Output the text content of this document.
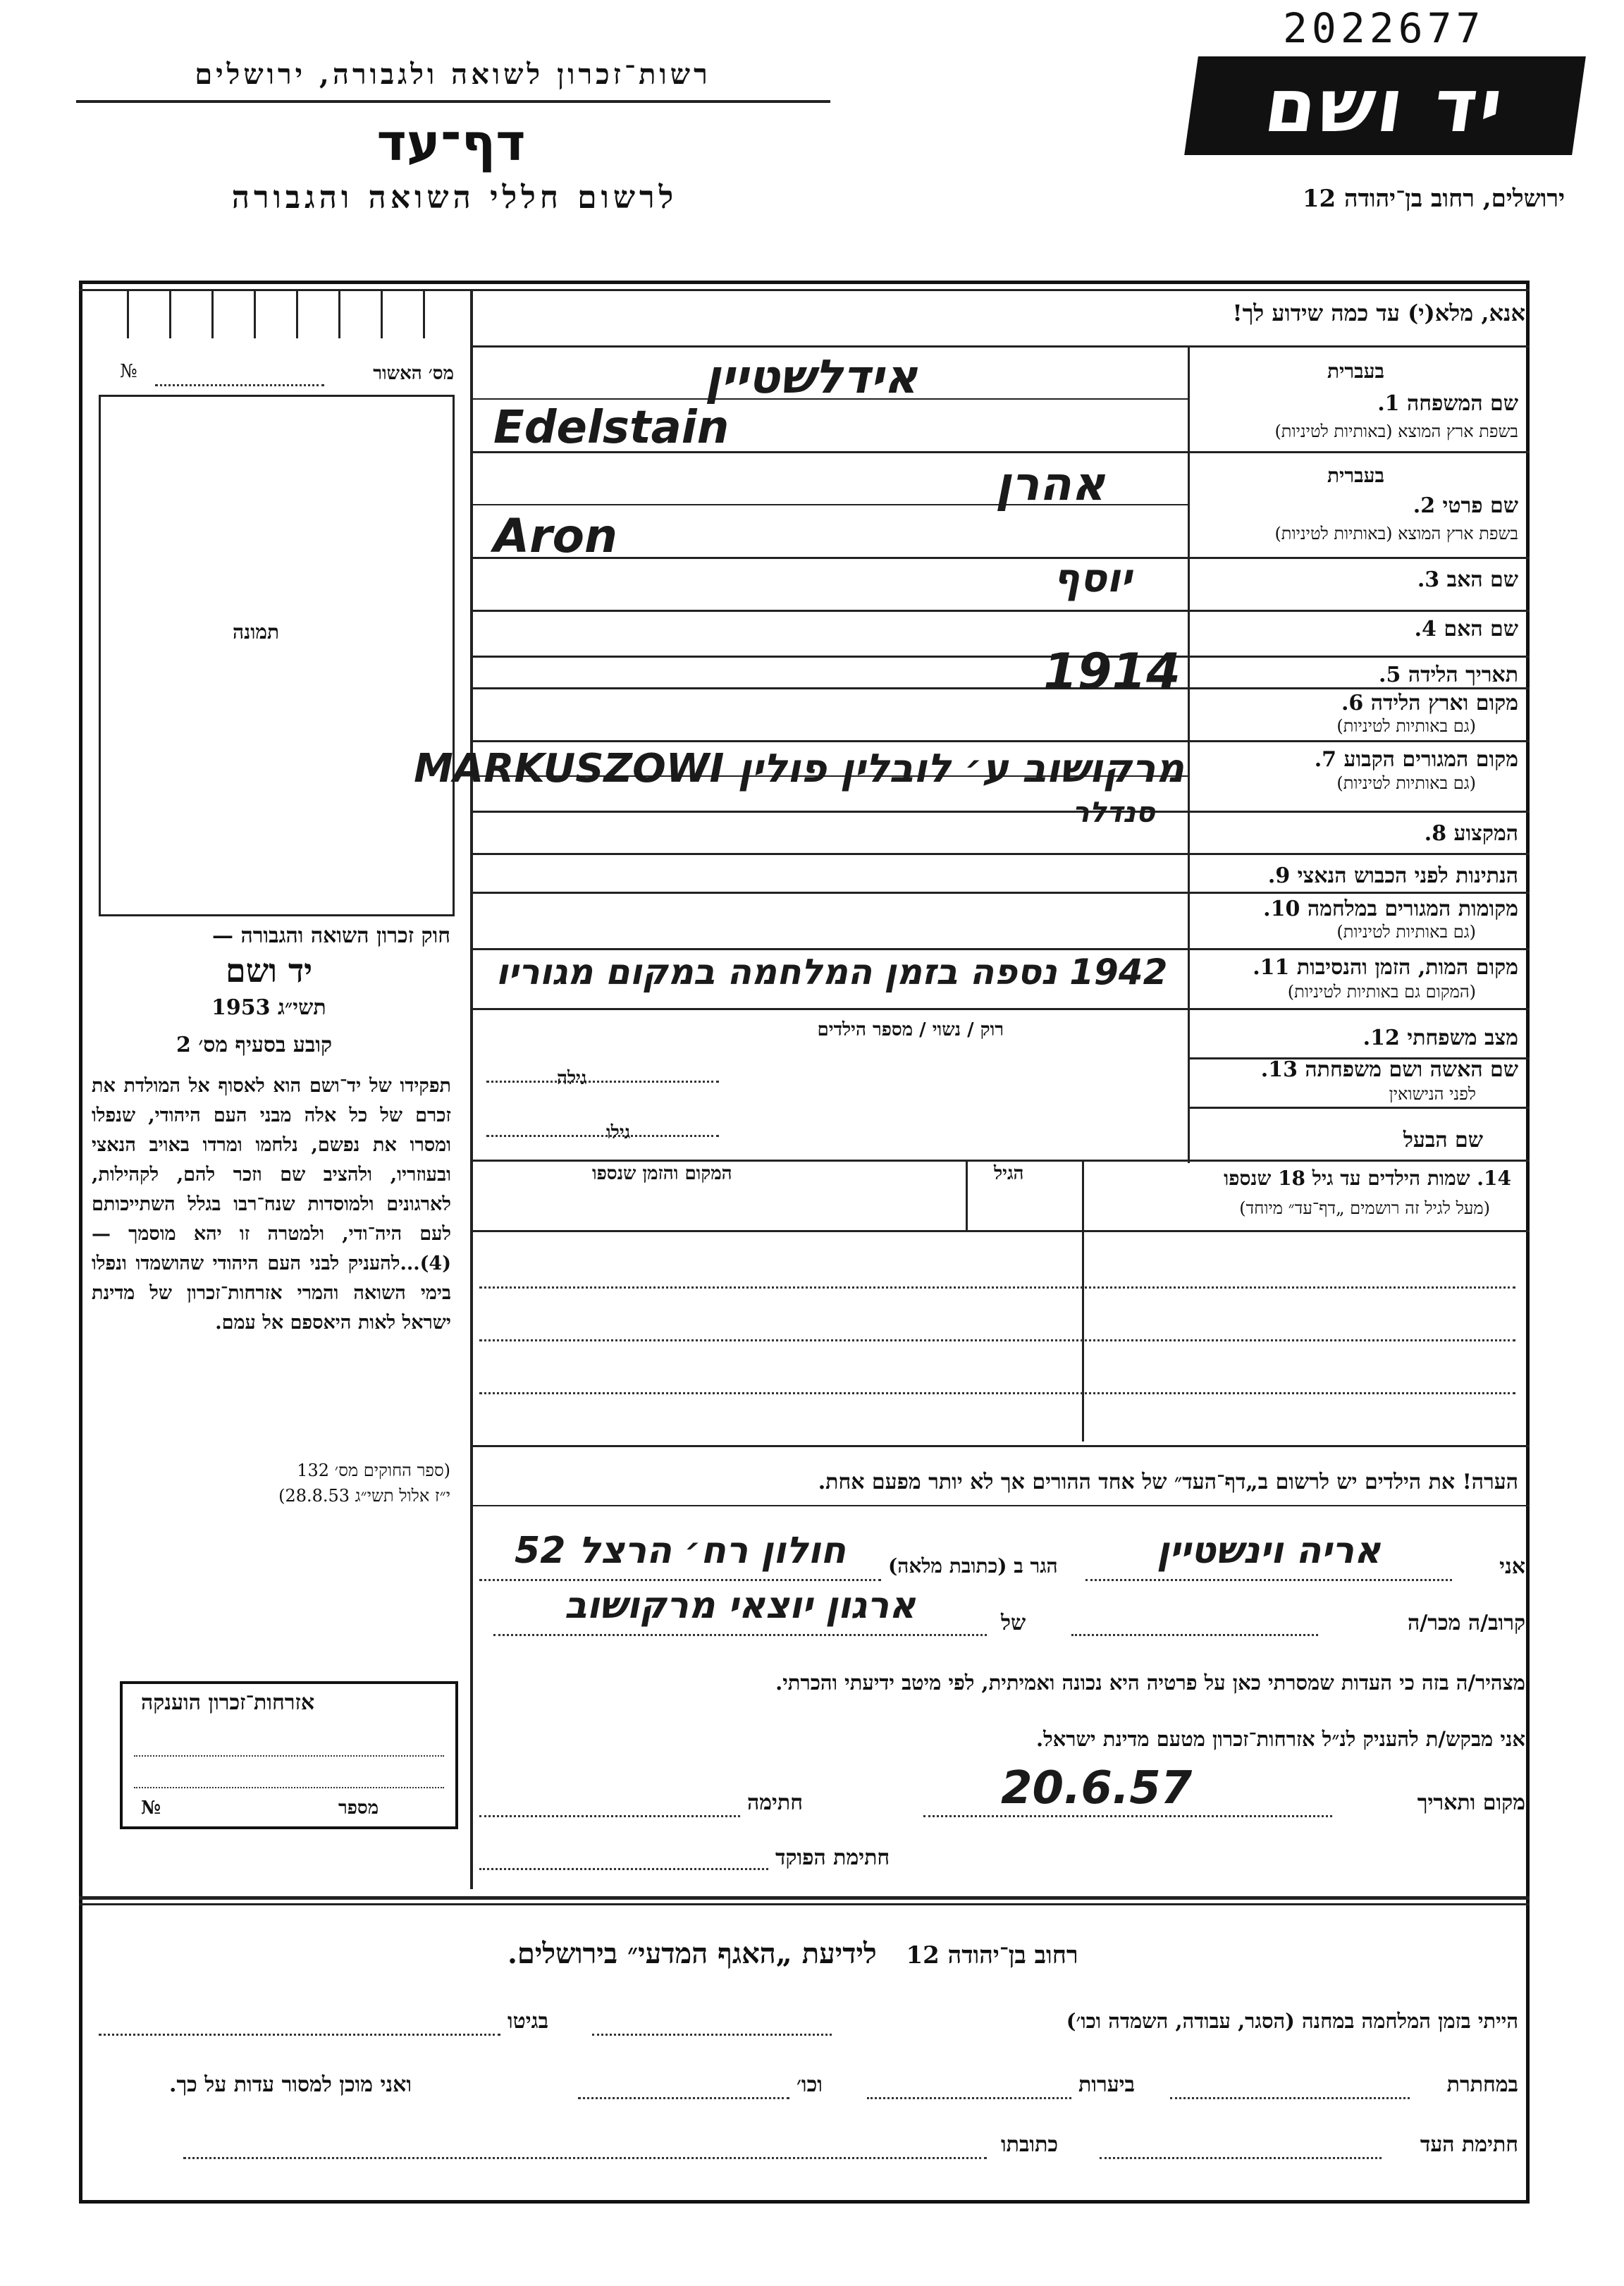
2022677
רשות־זכרון לשואה ולגבורה, ירושלים
דף־עד
לרשום חללי השואה והגבורה
יד ושם
ירושלים, רחוב בן־יהודה 12
מס׳ האשור
№
תמונה
אנא, מלא(י) עד כמה שידוע לך!
בעברית
שם המשפחה 1.
בשפת ארץ המוצא (באותיות לטיניות)
בעברית
שם פרטי 2.
בשפת ארץ המוצא (באותיות לטיניות)
שם האב 3.
שם האם 4.
תאריך הלידה 5.
מקום וארץ הלידה 6.
(גם באותיות לטיניות)
מקום המגורים הקבוע 7.
(גם באותיות לטיניות)
המקצוע 8.
הנתינות לפני הכבוש הנאצי 9.
מקומות המגורים במלחמה 10.
(גם באותיות לטיניות)
מקום המות, הזמן והנסיבות 11.
(המקום גם באותיות לטיניות)
מצב משפחתי 12.
שם האשה ושם משפחתה 13.
לפני הנישואין
שם הבעל
אידלשטיין
Edelstain
אהרן
Aron
יוסף
1914
מרקושוב ע׳ לובלין פולין MARKUSZOWI
סנדלר
1942 נספה בזמן המלחמה במקום מגוריו
רוק / נשוי / מספר הילדים
גילה
גילו
14. שמות הילדים עד גיל 18 שנספו
(מעל לגיל זה רושמים „דף־עד״ מיוחד)
הגיל
המקום והזמן שנספו
חוק זכרון השואה והגבורה —
יד ושם
תשי״ג 1953
קובע בסעיף מס׳ 2
תפקידו של יד־ושם הוא לאסוף אל המולדת את זכרם של כל אלה מבני העם היהודי, שנפלו ומסרו את נפשם, נלחמו ומרדו באויב הנאצי ובעוזריו, ולהציב שם וזכר להם, לקהילות, לארגונים ולמוסדות שנח־רבו בגלל השתייכותם לעם היה־ודי, ולמטרה זו יהא מוסמך — (4)...להעניק לבני העם היהודי שהושמדו ונפלו בימי השואה והמרי אזרחות־זכרון של מדינת ישראל לאות היאספם אל עמם.
(ספר החוקים מס׳ 132
י״ז אלול תשי״ג 28.8.53)
הערה! את הילדים יש לרשום ב„דף־העד״ של אחד ההורים אך לא יותר מפעם אחת.
אני
אריה וינשטיין
הגר ב (כתובת מלאה)
חולון רח׳ הרצל 52
קרוב/ה מכר/ה
של
ארגון יוצאי מרקושוב
מצהיר/ה בזה כי העדות שמסרתי כאן על פרטיה היא נכונה ואמיתית, לפי מיטב ידיעתי והכרתי.
אני מבקש/ת להעניק לנ״ל אזרחות־זכרון מטעם מדינת ישראל.
מקום ותאריך
20.6.57
חתימה
חתימת הפוקד
אזרחות־זכרון הוענקה
מספר
№
רחוב בן־יהודה 12   לידיעת „האגף המדעי״ בירושלים.
הייתי בזמן המלחמה במחנה (הסגר, עבודה, השמדה וכו׳)
בגיטו
במחתרת
ביערות
וכו׳
ואני מוכן למסור עדות על כך.
חתימת העד
כתובתו
